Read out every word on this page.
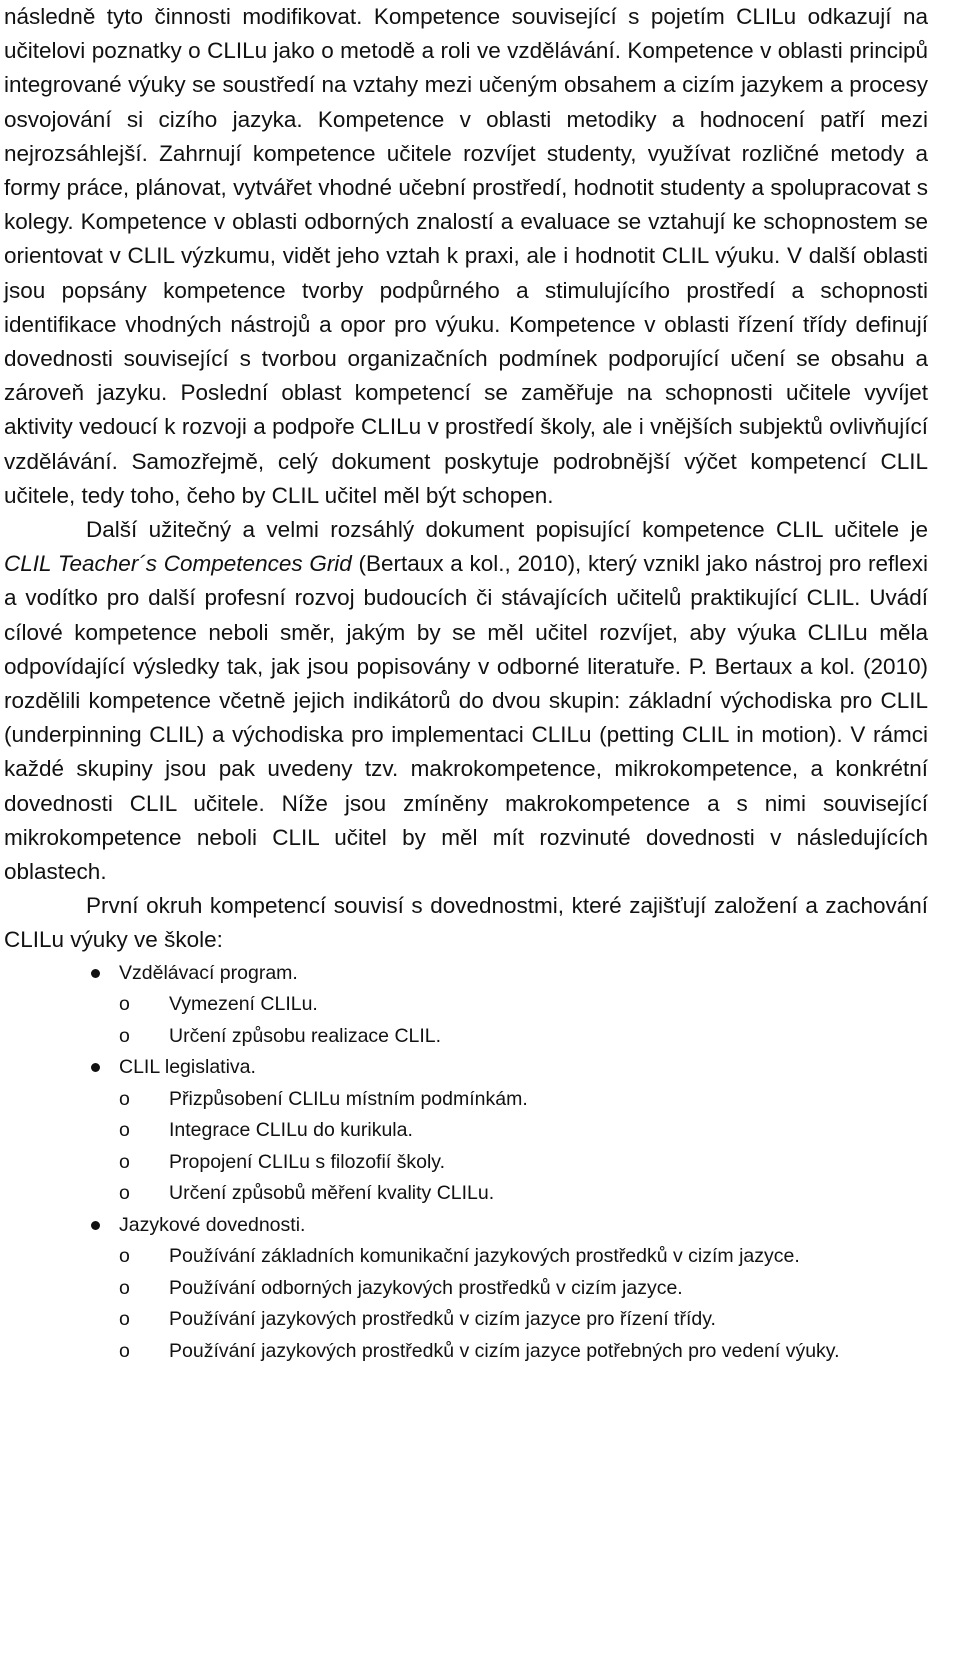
následně tyto činnosti modifikovat. Kompetence související s pojetím CLILu odkazují na učitelovi poznatky o CLILu jako o metodě a roli ve vzdělávání. Kompetence v oblasti principů integrované výuky se soustředí na vztahy mezi učeným obsahem a cizím jazykem a procesy osvojování si cizího jazyka. Kompetence v oblasti metodiky a hodnocení patří mezi nejrozsáhlejší. Zahrnují kompetence učitele rozvíjet studenty, využívat rozličné metody a formy práce, plánovat, vytvářet vhodné učební prostředí, hodnotit studenty a spolupracovat s kolegy. Kompetence v oblasti odborných znalostí a evaluace se vztahují ke schopnostem se orientovat v CLIL výzkumu, vidět jeho vztah k praxi, ale i hodnotit CLIL výuku. V další oblasti jsou popsány kompetence tvorby podpůrného a stimulujícího prostředí a schopnosti identifikace vhodných nástrojů a opor pro výuku. Kompetence v oblasti řízení třídy definují dovednosti související s tvorbou organizačních podmínek podporující učení se obsahu a zároveň jazyku. Poslední oblast kompetencí se zaměřuje na schopnosti učitele vyvíjet aktivity vedoucí k rozvoji a podpoře CLILu v prostředí školy, ale i vnějších subjektů ovlivňující vzdělávání. Samozřejmě, celý dokument poskytuje podrobnější výčet kompetencí CLIL učitele, tedy toho, čeho by CLIL učitel měl být schopen.

Další užitečný a velmi rozsáhlý dokument popisující kompetence CLIL učitele je CLIL Teacher´s Competences Grid (Bertaux a kol., 2010), který vznikl jako nástroj pro reflexi a vodítko pro další profesní rozvoj budoucích či stávajících učitelů praktikující CLIL. Uvádí cílové kompetence neboli směr, jakým by se měl učitel rozvíjet, aby výuka CLILu měla odpovídající výsledky tak, jak jsou popisovány v odborné literatuře. P. Bertaux a kol. (2010) rozdělili kompetence včetně jejich indikátorů do dvou skupin: základní východiska pro CLIL (underpinning CLIL) a východiska pro implementaci CLILu (petting CLIL in motion). V rámci každé skupiny jsou pak uvedeny tzv. makrokompetence, mikrokompetence, a konkrétní dovednosti CLIL učitele. Níže jsou zmíněny makrokompetence a s nimi související mikrokompetence neboli CLIL učitel by měl mít rozvinuté dovednosti v následujících oblastech.

První okruh kompetencí souvisí s dovednostmi, které zajišťují založení a zachování CLILu výuky ve škole:

Vzdělávací program.
o Vymezení CLILu.
o Určení způsobu realizace CLIL.
CLIL legislativa.
o Přizpůsobení CLILu místním podmínkám.
o Integrace CLILu do kurikula.
o Propojení CLILu s filozofií školy.
o Určení způsobů měření kvality CLILu.
Jazykové dovednosti.
o Používání základních komunikační jazykových prostředků v cizím jazyce.
o Používání odborných jazykových prostředků v cizím jazyce.
o Používání jazykových prostředků v cizím jazyce pro řízení třídy.
o Používání jazykových prostředků v cizím jazyce potřebných pro vedení výuky.
